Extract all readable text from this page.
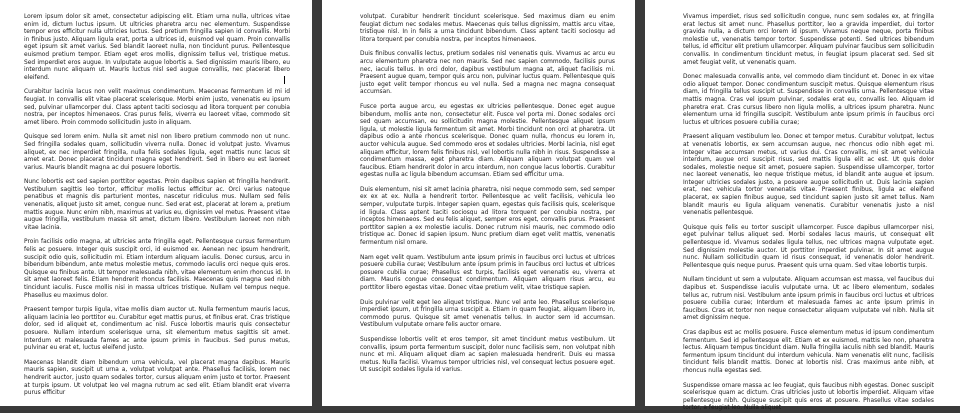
Lorem ipsum dolor sit amet, consectetur adipiscing elit. Etiam urna nulla, ultrices vitae enim id, dictum luctus ipsum. Ut ultricies pharetra arcu nec elementum. Suspendisse tempor eros efficitur nulla ultricies luctus. Sed pretium fringilla sapien id convallis. Morbi in finibus justo. Aliquam ligula erat, porta a ultrices id, euismod vel quam. Proin convallis eget ipsum sit amet varius. Sed blandit laoreet nulla, non tincidunt purus. Pellentesque euismod pretium tempor. Etiam eget eros mollis, dignissim tellus vel, tristique metus. Sed imperdiet eros augue. In vulputate augue lobortis a. Sed dignissim mauris libero, eu interdum nunc aliquam ut. Mauris luctus nisl sed augue convallis, nec placerat libero eleifend.

Curabitur lacinia lacus non velit maximus condimentum. Maecenas fermentum id mi id feugiat. In convallis elit vitae placerat scelerisque. Morbi enim justo, venenatis eu ipsum sed, pulvinar ullamcorper dui. Class aptent taciti sociosqu ad litora torquent per conubia nostra, per inceptos himenaeos. Cras purus felis, viverra eu laoreet vitae, commodo sit amet libero. Proin commodo sollicitudin justo in aliquam.

Quisque sed lorem enim. Nulla sit amet nisl non libero pretium commodo non ut nunc. Sed fringilla sodales quam, sollicitudin viverra nulla. Donec id volutpat justo. Vivamus aliquet, ex nec imperdiet fringilla, nulla felis sodales ligula, eget mattis nunc lacus sit amet erat. Donec placerat tincidunt magna eget hendrerit. Sed in libero eu est laoreet varius. Mauris blandit magna ac dui posuere lobortis.

Nunc lobortis est sed sapien porttitor egestas. Proin dapibus sapien et fringilla hendrerit. Vestibulum sagittis leo tortor, efficitur mollis lectus efficitur ac. Orci varius natoque penatibus et magnis dis parturient montes, nascetur ridiculus mus. Nullam sed felis venenatis, aliquet justo sit amet, congue nunc. Sed erat est, placerat at lorem a, pretium mattis augue. Nunc enim nibh, maximus at varius eu, dignissim vel metus. Praesent vitae augue fringilla, vestibulum massa sit amet, dictum libero. Vestibulum laoreet non nibh vitae lacinia.

Proin facilisis odio magna, at ultricies ante fringilla eget. Pellentesque cursus fermentum felis ac posuere. Integer quis suscipit orci, id euismod ex. Aenean nec ipsum hendrerit, suscipit odio quis, sollicitudin mi. Etiam interdum aliquam iaculis. Donec cursus, arcu in bibendum bibendum, ante metus molestie metus, commodo iaculis orci neque quis eros. Quisque eu finibus ante. Ut tempor malesuada nibh, vitae elementum enim rhoncus id. In sit amet laoreet felis. Etiam hendrerit rhoncus facilisis. Maecenas quis magna sed nibh tincidunt iaculis. Fusce mollis nisi in massa ultrices tristique. Nullam vel tempus neque. Phasellus eu maximus dolor.

Praesent tempor turpis ligula, vitae mollis diam auctor ut. Nulla fermentum mauris lacus, aliquam lacinia leo porttitor eu. Curabitur eget mattis purus, et finibus erat. Cras tristique dolor, sed id aliquet et, condimentum ac nisl. Fusce lobortis mauris quis consectetur posuere. Nullam interdum scelerisque urna, sit elementum metus sagittis sit amet. Interdum et malesuada fames ac ante ipsum primis in faucibus. Sed purus metus, pulvinar eu erat et, luctus eleifend justo.

Maecenas blandit diam bibendum urna vehicula, vel placerat magna dapibus. Mauris mauris sapien, suscipit ut urna a, volutpat volutpat ante. Phasellus facilisis, lorem nec hendrerit auctor, justo quam sodales tortor, cursus aliquam enim justo et tortor. Praesent at turpis ipsum. Ut volutpat leo vel magna rutrum ac sed elit. Etiam blandit erat viverra purus efficitur

volutpat. Curabitur hendrerit tincidunt scelerisque. Sed maximus diam eu enim feugiat dictum nec sodales metus. Maecenas quis tellus dignissim, mattis arcu vitae, tristique nisl. In in felis a urna tincidunt bibendum. Class aptent taciti sociosqu ad litora torquent per conubia nostra, per inceptos himenaeos.

Duis finibus convallis lectus, pretium sodales nisl venenatis quis. Vivamus ac arcu eu arcu elementum pharetra nec non mauris. Sed nec sapien commodo, facilisis purus nec, iaculis tellus. In orci dolor, dapibus vestibulum magna at, aliquet facilisis mi. Praesent augue quam, tempor quis arcu non, pulvinar luctus quam. Pellentesque quis justo eget velit tempor rhoncus eu vel nulla. Sed a magna nec magna consequat accumsan.

Fusce porta augue arcu, eu egestas ex ultricies pellentesque. Donec eget augue bibendum, mollis ante non, consectetur elit. Fusce vel porta mi. Donec sodales orci sed quam accumsan, eu sollicitudin magna molestie. Pellentesque aliquet ipsum ligula, ut molestie ligula fermentum sit amet. Morbi tincidunt non orci at pharetra. Ut dapibus odio a ante rhoncus scelerisque. Donec quam nulla, rhoncus eu lorem in, auctor vehicula augue. Sed commodo eros et sodales ultricies. Morbi lacinia, nisl eget aliquam efficitur, lorem felis finibus nisl, vel lobortis nulla nibh in risus. Suspendisse a condimentum massa, eget pharetra diam. Aliquam aliquam volutpat quam vel faucibus. Etiam hendrerit dolor in arcu interdum, non congue lacus lobortis. Curabitur egestas nulla ac ligula bibendum accumsan. Etiam sed efficitur urna.

Duis elementum, nisi sit amet lacinia pharetra, nisi neque commodo sem, sed semper ex ex at ex. Nulla a hendrerit tortor. Pellentesque ac velit facilisis, vehicula leo semper, vulputate turpis. Integer sapien quam, egestas quis facilisis quis, scelerisque id ligula. Class aptent taciti sociosqu ad litora torquent per conubia nostra, per inceptos himenaeos. Sed eu felis aliquet, semper eros eget, convallis purus. Praesent porttitor sapien a ex molestie iaculis. Donec rutrum nisi mauris, nec commodo odio tristique ac. Donec id sapien ipsum. Nunc pretium diam eget velit mattis, venenatis fermentum nisl ornare.

Nam eget velit quam. Vestibulum ante ipsum primis in faucibus orci luctus et ultrices posuere cubilia curae; Vestibulum ante ipsum primis in faucibus orci luctus et ultrices posuere cubilia curae; Phasellus est turpis, facilisis eget venenatis eu, viverra et diam. Mauris congue consequat condimentum. Aliquam aliquam risus arcu, eu porttitor libero egestas vitae. Donec vitae pretium velit, vitae tristique sapien.

Duis pulvinar velit eget leo aliquet tristique. Nunc vel ante leo. Phasellus scelerisque imperdiet ipsum, ut fringilla urna suscipit a. Etiam in quam feugiat, aliquam libero in, commodo purus. Quisque sit amet venenatis tellus. In auctor sem id accumsan. Vestibulum vulputate ornare felis auctor ornare.

Suspendisse lobortis velit et eros tempor, sit amet tincidunt metus vestibulum. Ut convallis, ipsum porta fermentum suscipit, dolor nunc facilisis sem, non volutpat nibh nunc et mi. Aliquam aliquet diam ac sapien malesuada hendrerit. Duis eu massa metus. Nulla facilisi. Vivamus tempor ultricies nisl, vel consequat lectus posuere eget. Ut suscipit sodales ligula id varius.

Vivamus imperdiet, risus sed sollicitudin congue, nunc sem sodales ex, at fringilla erat lectus sit amet nunc. Phasellus porttitor, leo a gravida imperdiet, dui tortor gravida nulla, a dictum orci lorem id ipsum. Vivamus neque neque, porta finibus molestie ut, venenatis tempor tortor. Suspendisse potenti. Sed ultrices bibendum tellus, id efficitur elit pretium ullamcorper. Aliquam pulvinar faucibus sem sollicitudin convallis. In condimentum tincidunt metus, in feugiat ipsum placerat sed. Sed sit amet feugiat velit, ut venenatis quam.

Donec malesuada convallis ante, vel commodo diam tincidunt et. Donec in ex vitae odio aliquet tempor. Donec condimentum suscipit metus. Quisque elementum risus diam, id fringilla tellus suscipit ut. Suspendisse in convallis urna. Pellentesque vitae mattis magna. Cras vel ipsum pulvinar, sodales erat eu, convallis leo. Aliquam id pharetra erat. Cras cursus libero non ligula mollis, a ultrices ipsum pharetra. Nunc elementum urna id fringilla suscipit. Vestibulum ante ipsum primis in faucibus orci luctus et ultrices posuere cubilia curae;

Praesent aliquam vestibulum leo. Donec et tempor metus. Curabitur volutpat, lectus at venenatis lobortis, ex sem accumsan augue, nec rhoncus odio nibh eget mi. Integer vitae accumsan metus, ut varius dui. Cras convallis, mi sit amet vehicula interdum, augue orci suscipit risus, sed mattis ligula elit ac est. Ut quis dolor sodales, molestie neque sit amet, posuere sapien. Suspendisse ullamcorper, tortor nec laoreet venenatis, leo neque tristique metus, id blandit ante augue et ipsum. Integer ultricies sodales justo, a posuere augue sollicitudin ut. Duis lacinia sapien erat, nec vehicula tortor venenatis vitae. Praesent finibus, ligula ac eleifend placerat, ex sapien finibus augue, sed tincidunt sapien justo sit amet tellus. Nam blandit mauris eu ligula aliquam venenatis. Curabitur venenatis justo a nisl venenatis pellentesque.

Quisque quis felis eu tortor suscipit ullamcorper. Fusce dapibus ullamcorper nisi, eget pulvinar tellus aliquet sed. Morbi sodales lacus mauris, ut consequat elit pellentesque id. Vivamus sodales ligula tellus, nec ultrices magna vulputate eget. Sed dignissim molestie auctor. Ut porttitor imperdiet pulvinar. In sit amet augue nunc. Nullam sollicitudin quam id risus consequat, id venenatis dolor hendrerit. Pellentesque quis neque purus. Praesent quis urna quam. Sed vitae lobortis turpis.

Nullam tincidunt ut sem a vulputate. Aliquam accumsan est massa, vel faucibus dui dapibus et. Suspendisse iaculis vulputate urna. Ut ac libero elementum, sodales tellus ac, rutrum nisi. Vestibulum ante ipsum primis in faucibus orci luctus et ultrices posuere cubilia curae; Interdum et malesuada fames ac ante ipsum primis in faucibus. Cras et tortor non neque consectetur aliquam vulputate vel nibh. Nulla sit amet dignissim neque.

Cras dapibus est ac mollis posuere. Fusce elementum metus id ipsum condimentum fermentum. Sed id pellentesque elit. Etiam et ex euismod, mattis leo non, pharetra lectus. Aliquam tempus tincidunt diam. Nulla fringilla iaculis nibh sed blandit. Mauris fermentum ipsum tincidunt dui interdum vehicula. Nam venenatis elit nunc, facilisis tincidunt felis blandit mattis. Donec at lobortis nisl. Cras maximus ante nibh, et rhoncus nulla egestas sed.

Suspendisse ornare massa ac leo feugiat, quis faucibus nibh egestas. Donec suscipit scelerisque quam ac dictum. Cras ultricies justo ut lobortis imperdiet. Aliquam vitae pellentesque nibh. Quisque suscipit quis eros at posuere. Phasellus vitae sodales tortor, a feugiat leo. Nulla aliquet
